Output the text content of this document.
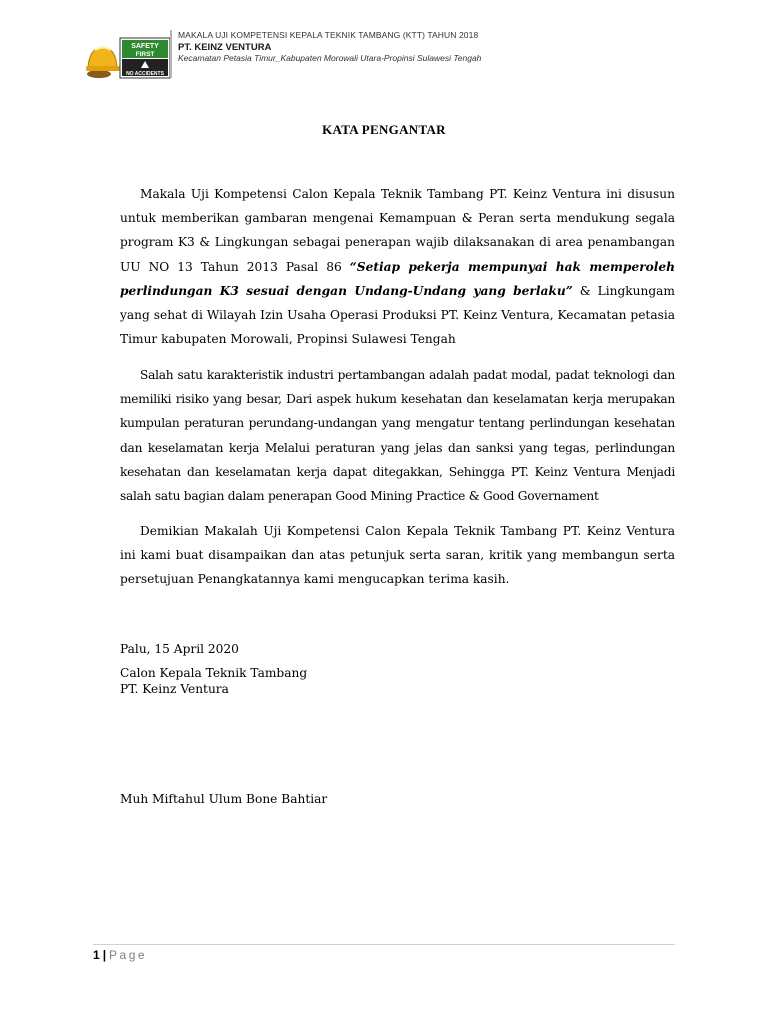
SAFETY
FIRST
NO ACCIDENTS
MAKALA UJI KOMPETENSI KEPALA TEKNIK TAMBANG (KTT) TAHUN 2018
PT. KEINZ VENTURA
Kecamatan Petasia Timur_Kabupaten Morowali Utara-Propinsi Sulawesi Tengah
KATA PENGANTAR

Makala Uji Kompetensi Calon Kepala Teknik Tambang PT. Keinz Ventura ini disusun untuk memberikan gambaran mengenai Kemampuan & Peran serta mendukung segala program K3 & Lingkungan sebagai penerapan wajib dilaksanakan di area penambangan UU NO 13 Tahun 2013 Pasal 86 “Setiap pekerja mempunyai hak memperoleh perlindungan K3 sesuai dengan Undang-Undang yang berlaku” & Lingkungam yang sehat di Wilayah Izin Usaha Operasi Produksi PT. Keinz Ventura, Kecamatan petasia Timur kabupaten Morowali, Propinsi Sulawesi Tengah

Salah satu karakteristik industri pertambangan adalah padat modal, padat teknologi dan memiliki risiko yang besar, Dari aspek hukum kesehatan dan keselamatan kerja merupakan kumpulan peraturan perundang-undangan yang mengatur tentang perlindungan kesehatan dan keselamatan kerja Melalui peraturan yang jelas dan sanksi yang tegas, perlindungan kesehatan dan keselamatan kerja dapat ditegakkan, Sehingga PT. Keinz Ventura Menjadi salah satu bagian dalam penerapan Good Mining Practice & Good Governament

Demikian Makalah Uji Kompetensi Calon Kepala Teknik Tambang PT. Keinz Ventura ini kami buat disampaikan dan atas petunjuk serta saran, kritik yang membangun serta persetujuan Penangkatannya kami mengucapkan terima kasih.

Palu, 15 April 2020
Calon Kepala Teknik Tambang
PT. Keinz Ventura
Muh Miftahul Ulum Bone Bahtiar
1 | Page
